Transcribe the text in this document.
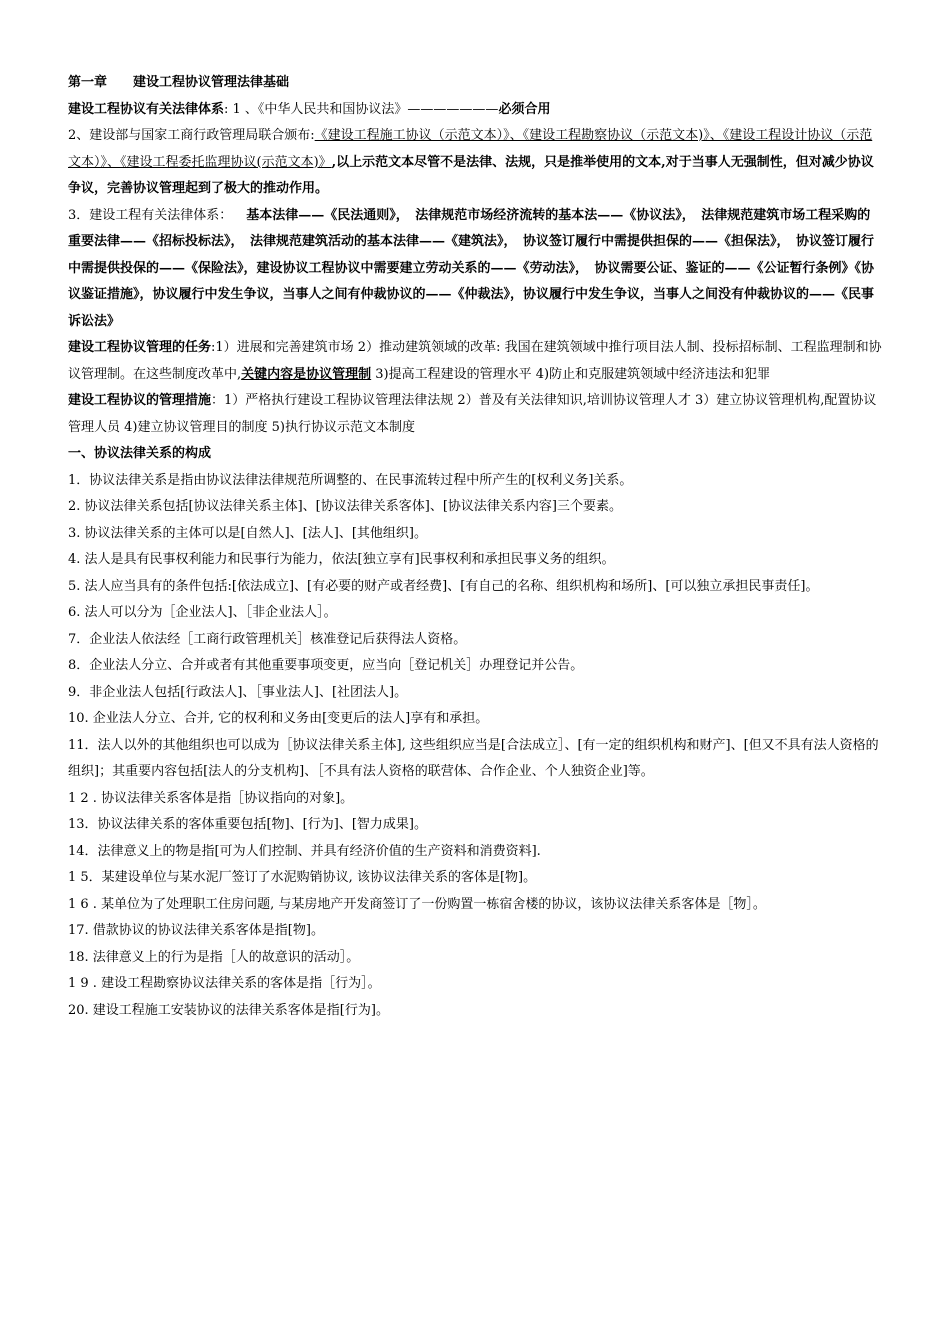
第一章 建设工程协议管理法律基础

建设工程协议有关法律体系: 1 、《中华人民共和国协议法》———————必须合用

2、建设部与国家工商行政管理局联合颁布:《建设工程施工协议（示范文本）》、《建设工程勘察协议（示范文本)》、《建设工程设计协议（示范文本）》、《建设工程委托监理协议(示范文本)》,以上示范文本尽管不是法律、法规，只是推举使用的文本,对于当事人无强制性，但对减少协议争议，完善协议管理起到了极大的推动作用。

3．建设工程有关法律体系： 基本法律——《民法通则》，　法律规范市场经济流转的基本法——《协议法》，　法律规范建筑市场工程采购的重要法律——《招标投标法》，　法律规范建筑活动的基本法律——《建筑法》，　协议签订履行中需提供担保的——《担保法》，　协议签订履行中需提供投保的——《保险法》，建设协议工程协议中需要建立劳动关系的——《劳动法》，　协议需要公证、鉴证的——《公证暂行条例》《协议鉴证措施》，协议履行中发生争议，当事人之间有仲裁协议的——《仲裁法》，协议履行中发生争议，当事人之间没有仲裁协议的——《民事诉讼法》

建设工程协议管理的任务:1）进展和完善建筑市场 2）推动建筑领域的改革: 我国在建筑领域中推行项目法人制、投标招标制、工程监理制和协议管理制。在这些制度改革中,关键内容是协议管理制 3)提高工程建设的管理水平 4)防止和克服建筑领域中经济违法和犯罪

建设工程协议的管理措施：1）严格执行建设工程协议管理法律法规 2）普及有关法律知识,培训协议管理人才 3）建立协议管理机构,配置协议管理人员 4)建立协议管理目的制度 5)执行协议示范文本制度

一、协议法律关系的构成

1．协议法律关系是指由协议法律法律规范所调整的、在民事流转过程中所产生的[权利义务]关系。

2. 协议法律关系包括[协议法律关系主体]、[协议法律关系客体]、[协议法律关系内容]三个要素。

3. 协议法律关系的主体可以是[自然人]、[法人]、[其他组织]。

4. 法人是具有民事权利能力和民事行为能力，依法[独立享有]民事权利和承担民事义务的组织。

5. 法人应当具有的条件包括:[依法成立]、[有必要的财产或者经费]、[有自己的名称、组织机构和场所]、[可以独立承担民事责任]。

6. 法人可以分为［企业法人]、［非企业法人］。

7．企业法人依法经［工商行政管理机关］核准登记后获得法人资格。

8．企业法人分立、合并或者有其他重要事项变更，应当向［登记机关］办理登记并公告。

9．非企业法人包括[行政法人]、［事业法人]、[社团法人]。

10. 企业法人分立、合并, 它的权利和义务由[变更后的法人]享有和承担。

11．法人以外的其他组织也可以成为［协议法律关系主体], 这些组织应当是[合法成立］、[有一定的组织机构和财产]、[但又不具有法人资格的组织]；其重要内容包括[法人的分支机构]、［不具有法人资格的联营体、合作企业、个人独资企业]等。

1 2 . 协议法律关系客体是指［协议指向的对象]。

13．协议法律关系的客体重要包括[物]、[行为]、[智力成果]。

14．法律意义上的物是指[可为人们控制、并具有经济价值的生产资料和消费资料].

1 5．某建设单位与某水泥厂签订了水泥购销协议, 该协议法律关系的客体是[物]。

1 6 . 某单位为了处理职工住房问题, 与某房地产开发商签订了一份购置一栋宿舍楼的协议，该协议法律关系客体是［物］。

17. 借款协议的协议法律关系客体是指[物]。

18. 法律意义上的行为是指［人的故意识的活动］。

1 9 . 建设工程勘察协议法律关系的客体是指［行为］。

20. 建设工程施工安装协议的法律关系客体是指[行为]。
